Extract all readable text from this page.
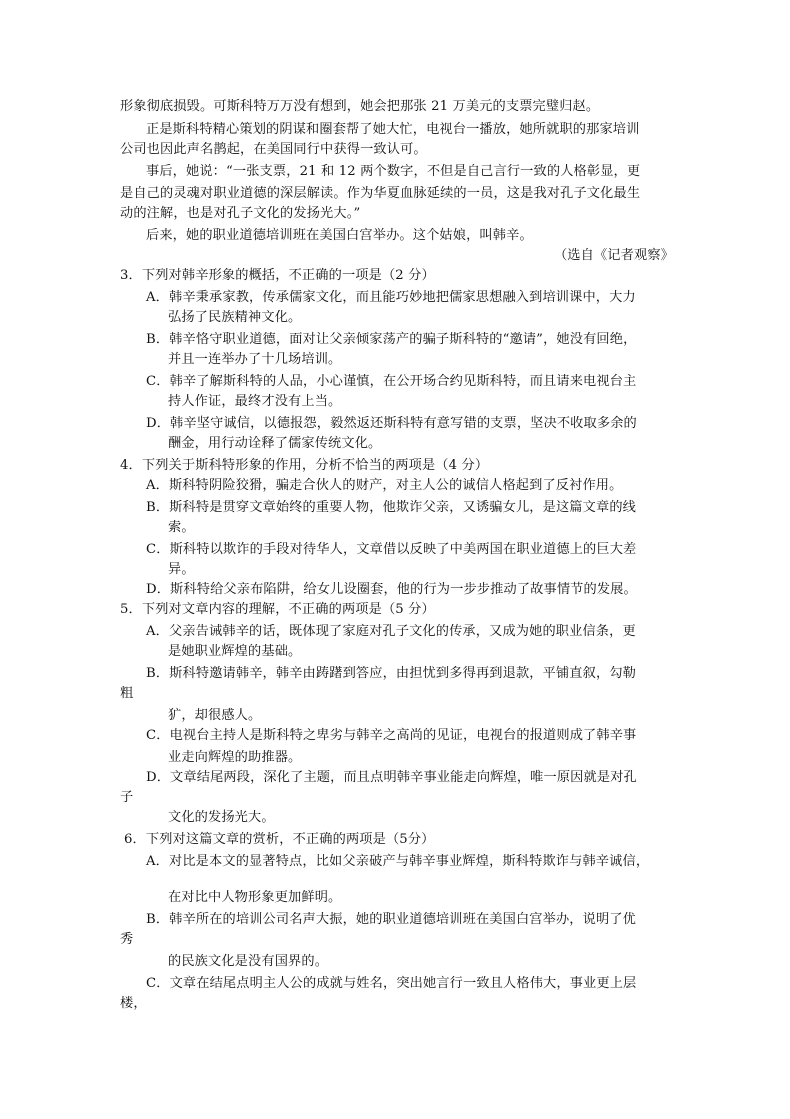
形象彻底损毁。可斯科特万万没有想到，她会把那张 21 万美元的支票完璧归赵。
正是斯科特精心策划的阴谋和圈套帮了她大忙，电视台一播放，她所就职的那家培训
公司也因此声名鹊起，在美国同行中获得一致认可。
事后，她说：“一张支票，21 和 12 两个数字，不但是自己言行一致的人格彰显，更
是自己的灵魂对职业道德的深层解读。作为华夏血脉延续的一员，这是我对孔子文化最生
动的注解，也是对孔子文化的发扬光大。”
后来，她的职业道德培训班在美国白宫举办。这个姑娘，叫韩辛。
（选自《记者观察》
3．下列对韩辛形象的概括，不正确的一项是（2 分）
A．韩辛秉承家教，传承儒家文化，而且能巧妙地把儒家思想融入到培训课中，大力
弘扬了民族精神文化。
B．韩辛恪守职业道德，面对让父亲倾家荡产的骗子斯科特的“邀请”，她没有回绝，
并且一连举办了十几场培训。
C．韩辛了解斯科特的人品，小心谨慎，在公开场合约见斯科特，而且请来电视台主
持人作证，最终才没有上当。
D．韩辛坚守诚信，以德报怨，毅然返还斯科特有意写错的支票，坚决不收取多余的
酬金，用行动诠释了儒家传统文化。
4．下列关于斯科特形象的作用，分析不恰当的两项是（4 分）
A．斯科特阴险狡猾，骗走合伙人的财产，对主人公的诚信人格起到了反衬作用。
B．斯科特是贯穿文章始终的重要人物，他欺诈父亲，又诱骗女儿，是这篇文章的线
索。
C．斯科特以欺诈的手段对待华人，文章借以反映了中美两国在职业道德上的巨大差
异。
D．斯科特给父亲布陷阱，给女儿设圈套，他的行为一步步推动了故事情节的发展。
5．下列对文章内容的理解，不正确的两项是（5 分）
A．父亲告诫韩辛的话，既体现了家庭对孔子文化的传承，又成为她的职业信条，更
是她职业辉煌的基础。
B．斯科特邀请韩辛，韩辛由踌躇到答应，由担忧到多得再到退款，平铺直叙，勾勒
粗
犷，却很感人。
C．电视台主持人是斯科特之卑劣与韩辛之高尚的见证，电视台的报道则成了韩辛事
业走向辉煌的助推器。
D．文章结尾两段，深化了主题，而且点明韩辛事业能走向辉煌，唯一原因就是对孔
子
文化的发扬光大。
6．下列对这篇文章的赏析，不正确的两项是（5分）
A．对比是本文的显著特点，比如父亲破产与韩辛事业辉煌，斯科特欺诈与韩辛诚信，
在对比中人物形象更加鲜明。
B．韩辛所在的培训公司名声大振，她的职业道德培训班在美国白宫举办，说明了优
秀
的民族文化是没有国界的。
C．文章在结尾点明主人公的成就与姓名，突出她言行一致且人格伟大，事业更上层
楼，
